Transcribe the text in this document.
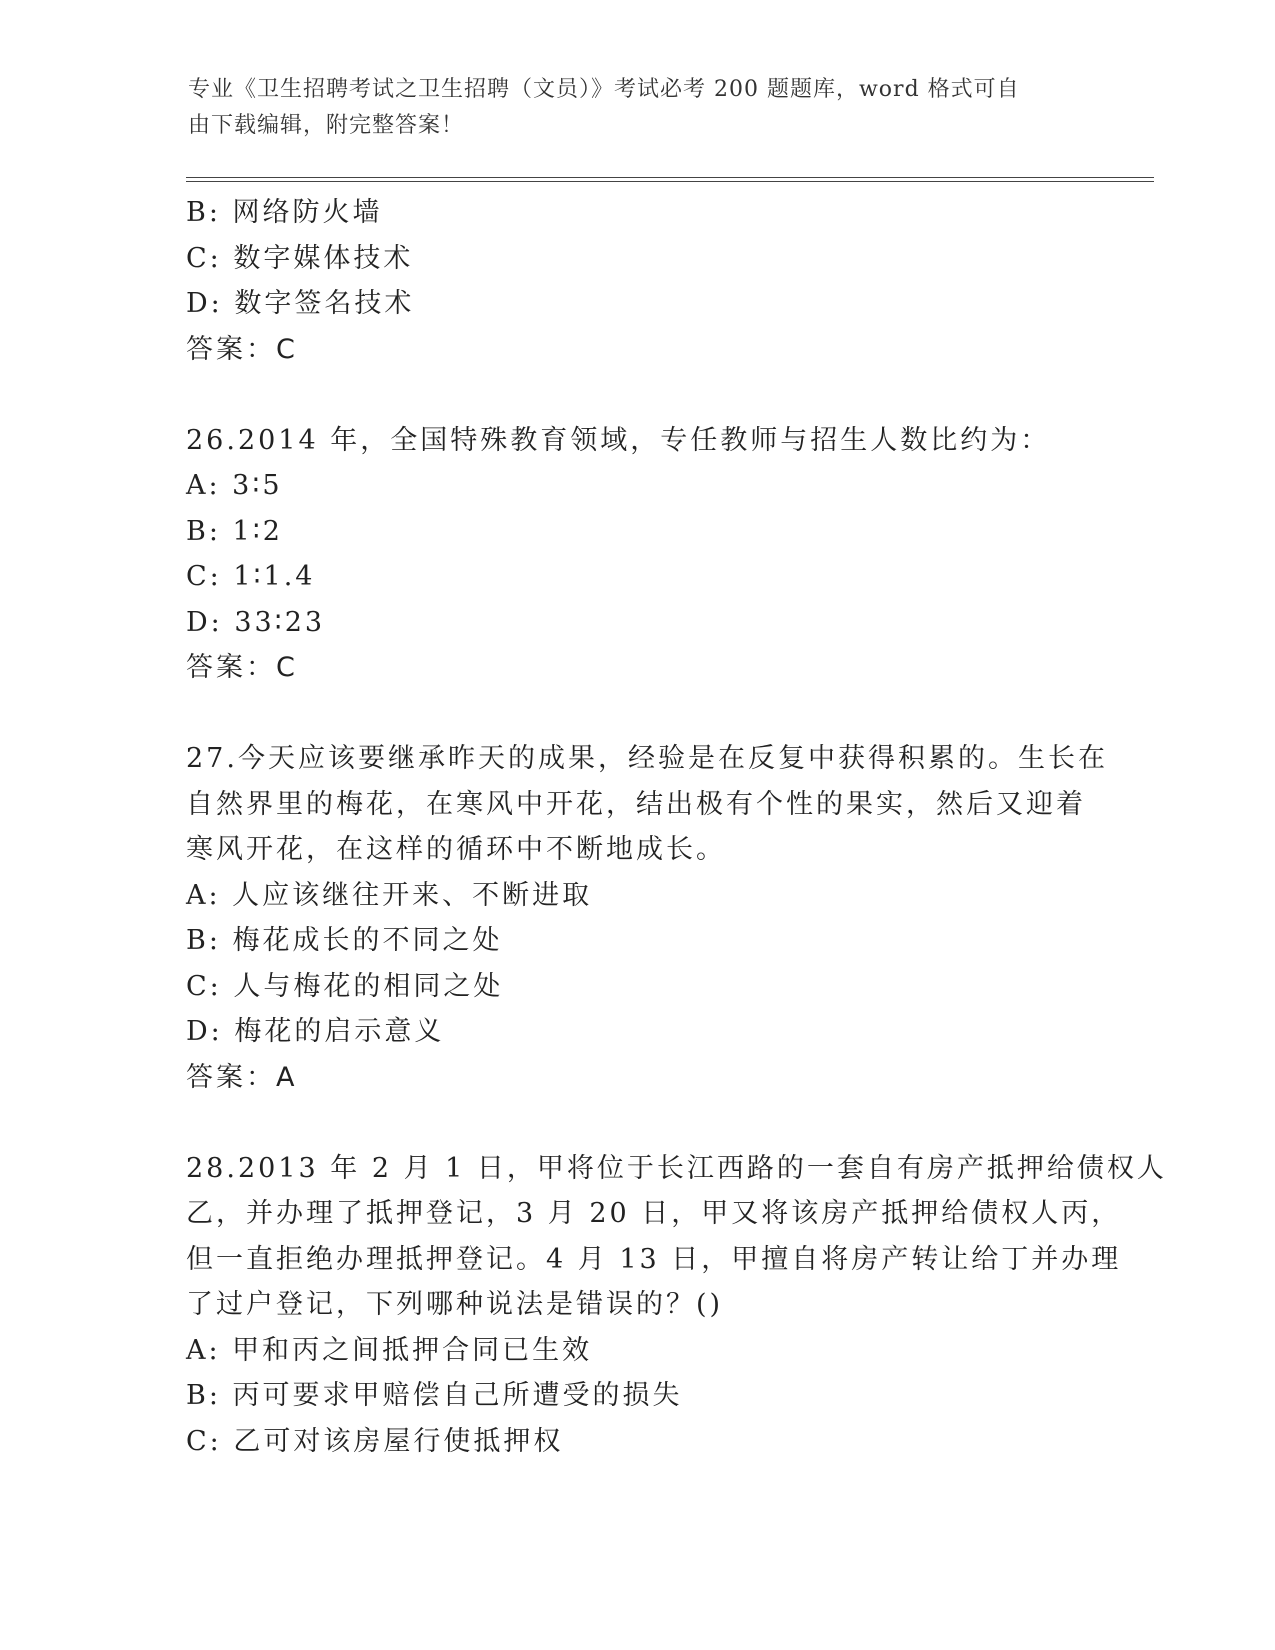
专业《卫生招聘考试之卫生招聘（文员）》考试必考 200 题题库，word 格式可自
由下载编辑，附完整答案！
B: 网络防火墙
C: 数字媒体技术
D: 数字签名技术
答案：C
26.2014 年，全国特殊教育领域，专任教师与招生人数比约为：
A: 3∶5
B: 1∶2
C: 1∶1.4
D: 33∶23
答案：C
27.今天应该要继承昨天的成果，经验是在反复中获得积累的。生长在
自然界里的梅花，在寒风中开花，结出极有个性的果实，然后又迎着
寒风开花，在这样的循环中不断地成长。
A: 人应该继往开来、不断进取
B: 梅花成长的不同之处
C: 人与梅花的相同之处
D: 梅花的启示意义
答案：A
28.2013 年 2 月 1 日，甲将位于长江西路的一套自有房产抵押给债权人
乙，并办理了抵押登记，3 月 20 日，甲又将该房产抵押给债权人丙，
但一直拒绝办理抵押登记。4 月 13 日，甲擅自将房产转让给丁并办理
了过户登记，下列哪种说法是错误的？()
A: 甲和丙之间抵押合同已生效
B: 丙可要求甲赔偿自己所遭受的损失
C: 乙可对该房屋行使抵押权
